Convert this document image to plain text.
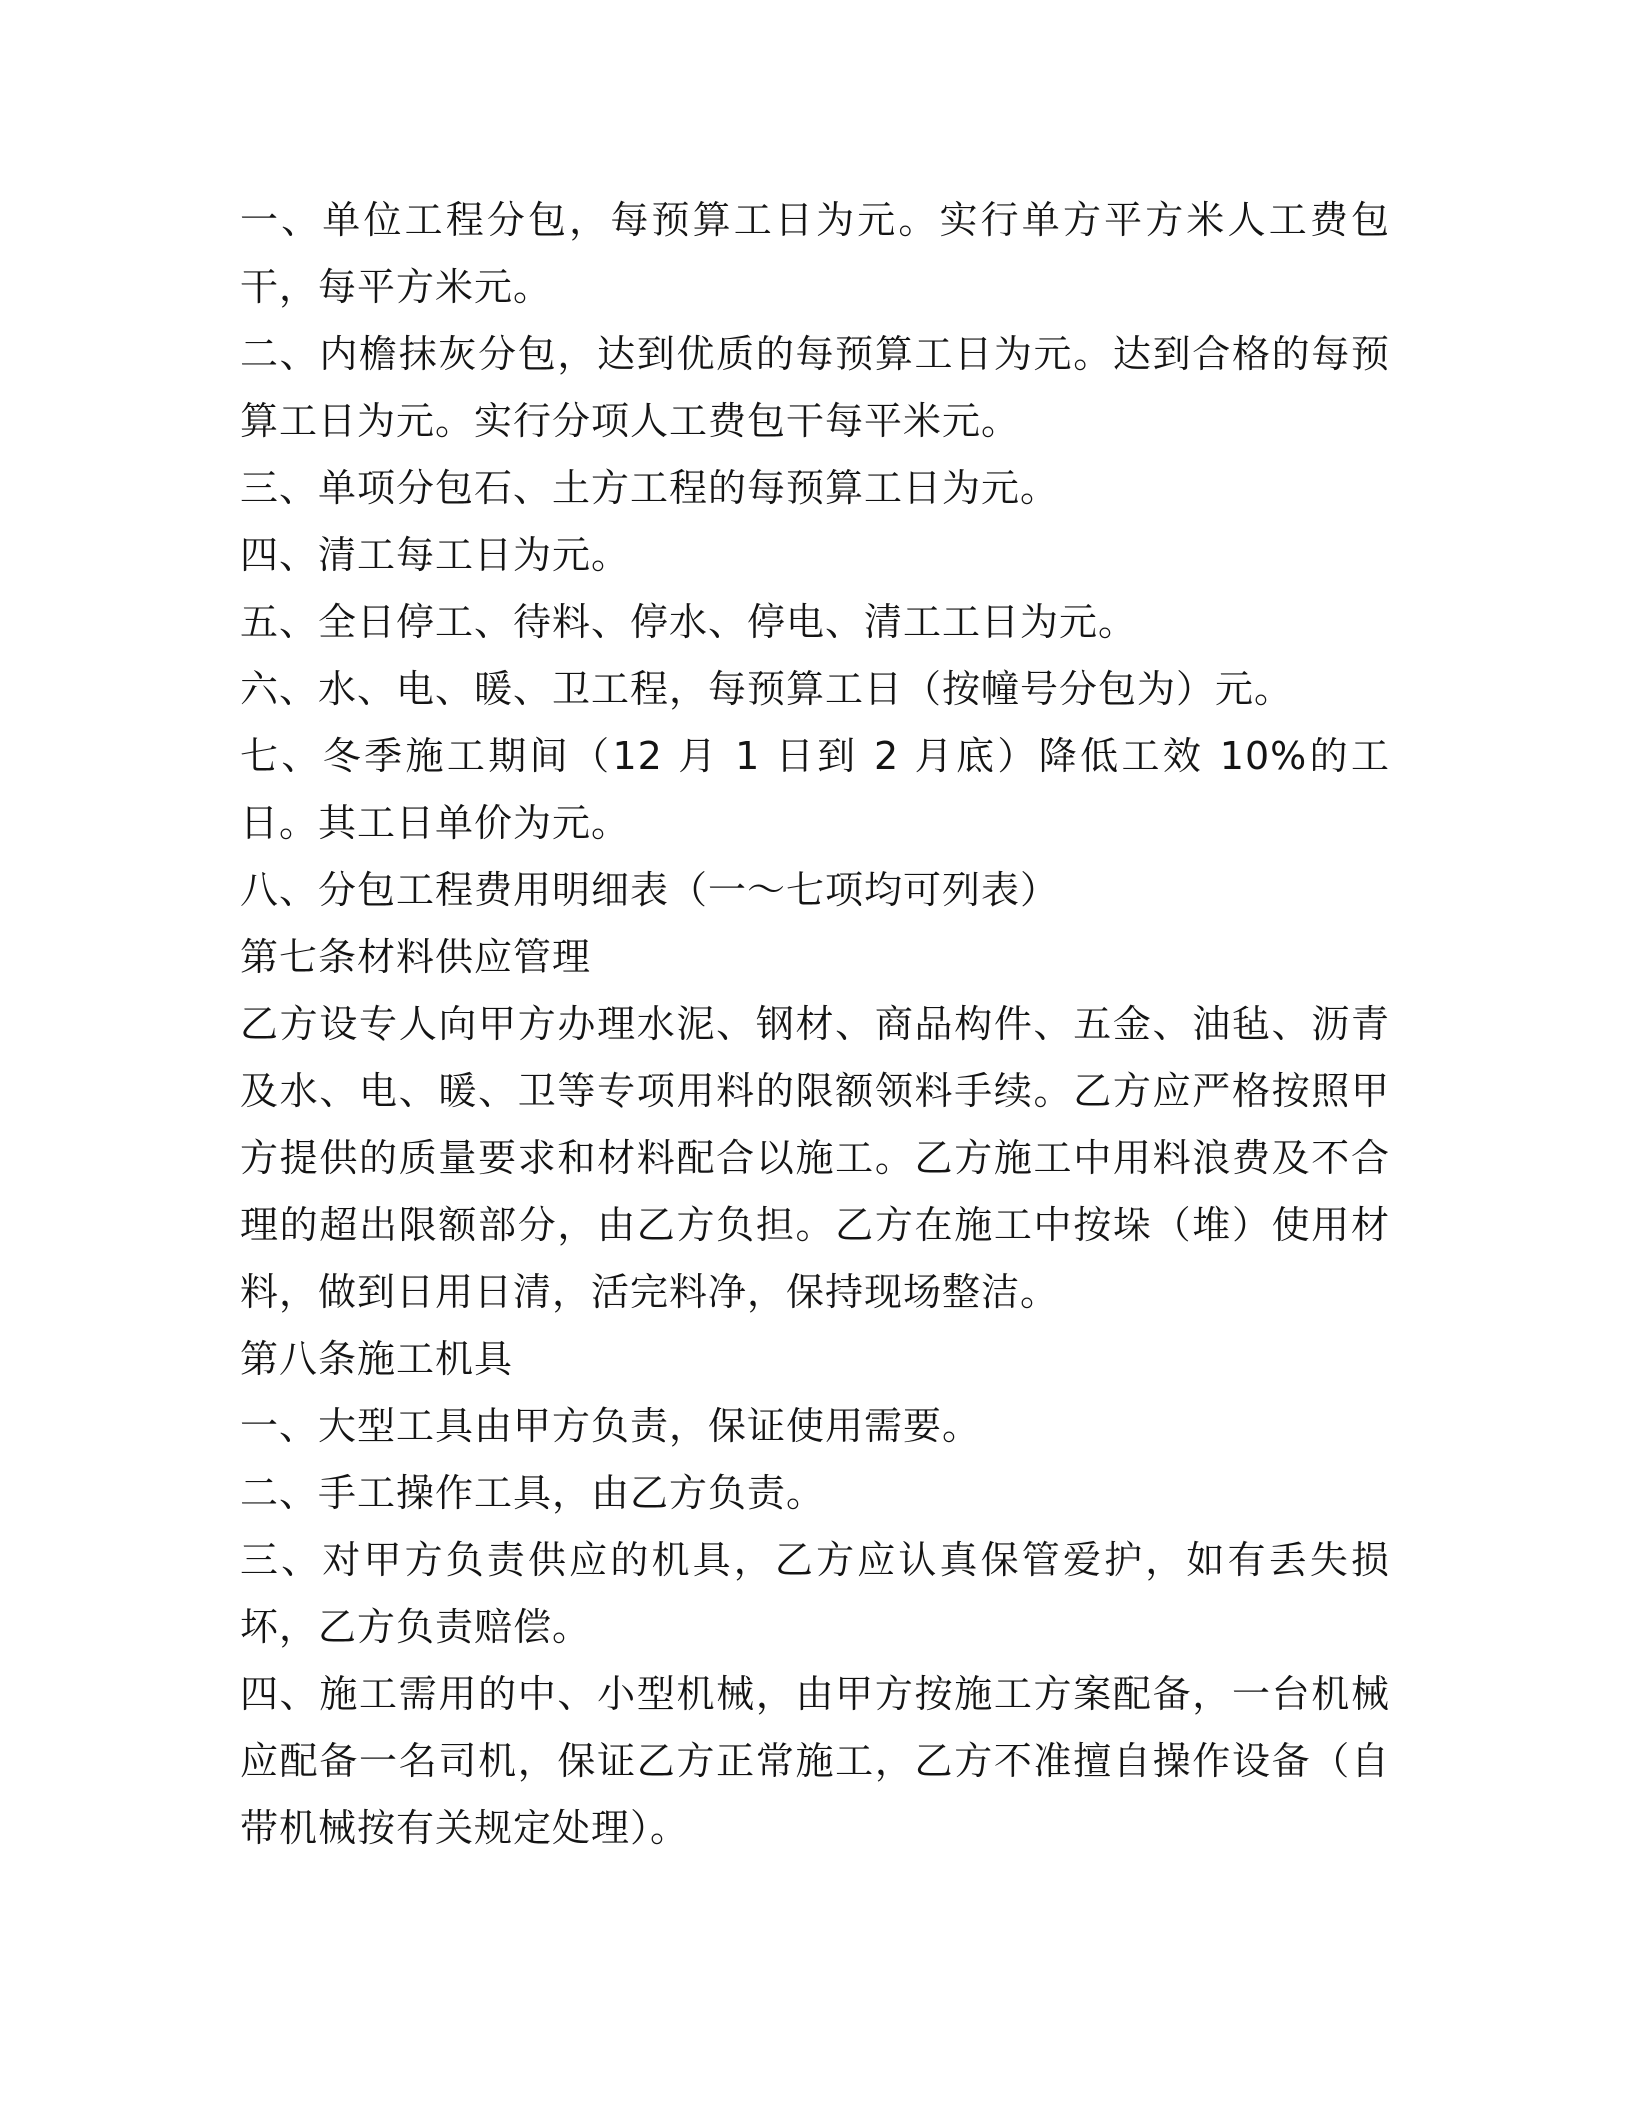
一、单位工程分包，每预算工日为元。实行单方平方米人工费包干，每平方米元。

二、内檐抹灰分包，达到优质的每预算工日为元。达到合格的每预算工日为元。实行分项人工费包干每平米元。

三、单项分包石、土方工程的每预算工日为元。

四、清工每工日为元。

五、全日停工、待料、停水、停电、清工工日为元。

六、水、电、暖、卫工程，每预算工日（按幢号分包为）元。

七、冬季施工期间（12 月 1 日到 2 月底）降低工效 10%的工日。其工日单价为元。

八、分包工程费用明细表（一～七项均可列表）

第七条材料供应管理

乙方设专人向甲方办理水泥、钢材、商品构件、五金、油毡、沥青及水、电、暖、卫等专项用料的限额领料手续。乙方应严格按照甲方提供的质量要求和材料配合以施工。乙方施工中用料浪费及不合理的超出限额部分，由乙方负担。乙方在施工中按垛（堆）使用材料，做到日用日清，活完料净，保持现场整洁。

第八条施工机具

一、大型工具由甲方负责，保证使用需要。

二、手工操作工具，由乙方负责。

三、对甲方负责供应的机具，乙方应认真保管爱护，如有丢失损坏，乙方负责赔偿。

四、施工需用的中、小型机械，由甲方按施工方案配备，一台机械应配备一名司机，保证乙方正常施工，乙方不准擅自操作设备（自带机械按有关规定处理）。
